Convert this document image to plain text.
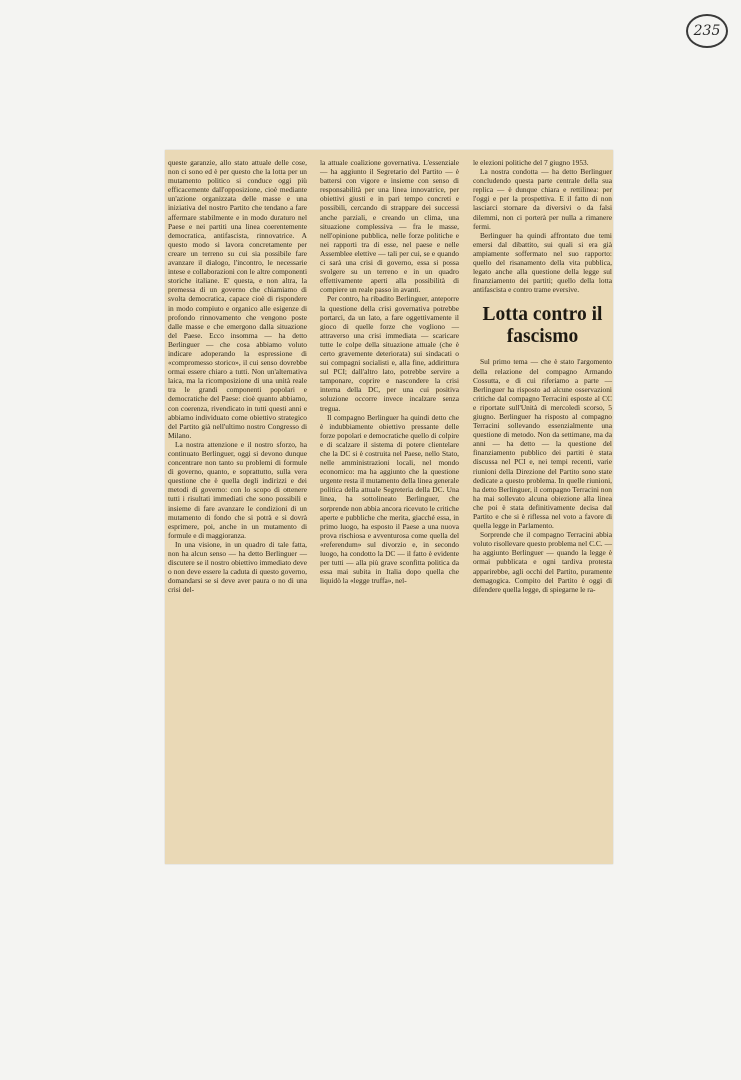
235

queste garanzie, allo stato attuale delle cose, non ci sono ed è per questo che la lotta per un mutamento politico si conduce oggi più efficacemente dall'opposizione, cioè mediante un'azione organizzata delle masse e una iniziativa del nostro Partito che tendano a fare affermare stabilmente e in modo duraturo nel Paese e nei partiti una linea coerentemente democratica, antifascista, rinnovatrice. A questo modo si lavora concretamente per creare un terreno su cui sia possibile fare avanzare il dialogo, l'incontro, le necessarie intese e collaborazioni con le altre componenti storiche italiane. E' questa, e non altra, la premessa di un governo che chiamiamo di svolta democratica, capace cioè di rispondere in modo compiuto e organico alle esigenze di profondo rinnovamento che vengono poste dalle masse e che emergono dalla situazione del Paese. Ecco insomma — ha detto Berlinguer — che cosa abbiamo voluto indicare adoperando la espressione di «compromesso storico», il cui senso dovrebbe ormai essere chiaro a tutti. Non un'alternativa laica, ma la ricomposizione di una unità reale tra le grandi componenti popolari e democratiche del Paese: cioè quanto abbiamo, con coerenza, rivendicato in tutti questi anni e abbiamo individuato come obiettivo strategico del Partito già nell'ultimo nostro Congresso di Milano.

La nostra attenzione e il nostro sforzo, ha continuato Berlinguer, oggi si devono dunque concentrare non tanto su problemi di formule di governo, quanto, e soprattutto, sulla vera questione che è quella degli indirizzi e dei metodi di governo: con lo scopo di ottenere tutti i risultati immediati che sono possibili e insieme di fare avanzare le condizioni di un mutamento di fondo che si potrà e si dovrà esprimere, poi, anche in un mutamento di formule e di maggioranza.

In una visione, in un quadro di tale fatta, non ha alcun senso — ha detto Berlinguer — discutere se il nostro obiettivo immediato deve o non deve essere la caduta di questo governo, domandarsi se si deve aver paura o no di una crisi del-

la attuale coalizione governativa. L'essenziale — ha aggiunto il Segretario del Partito — è battersi con vigore e insieme con senso di responsabilità per una linea innovatrice, per obiettivi giusti e in pari tempo concreti e possibili, cercando di strappare dei successi anche parziali, e creando un clima, una situazione complessiva — fra le masse, nell'opinione pubblica, nelle forze politiche e nei rapporti tra di esse, nel paese e nelle Assemblee elettive — tali per cui, se e quando ci sarà una crisi di governo, essa si possa svolgere su un terreno e in un quadro effettivamente aperti alla possibilità di compiere un reale passo in avanti.

Per contro, ha ribadito Berlinguer, anteporre la questione della crisi governativa potrebbe portarci, da un lato, a fare oggettivamente il gioco di quelle forze che vogliono — attraverso una crisi immediata — scaricare tutte le colpe della situazione attuale (che è certo gravemente deteriorata) sui sindacati o sui compagni socialisti e, alla fine, addirittura sul PCI; dall'altro lato, potrebbe servire a tamponare, coprire e nascondere la crisi interna della DC, per una cui positiva soluzione occorre invece incalzare senza tregua.

Il compagno Berlinguer ha quindi detto che è indubbiamente obiettivo pressante delle forze popolari e democratiche quello di colpire e di scalzare il sistema di potere clientelare che la DC si è costruita nel Paese, nello Stato, nelle amministrazioni locali, nel mondo economico: ma ha aggiunto che la questione urgente resta il mutamento della linea generale politica della attuale Segreteria della DC. Una linea, ha sottolineato Berlinguer, che sorprende non abbia ancora ricevuto le critiche aperte e pubbliche che merita, giacché essa, in primo luogo, ha esposto il Paese a una nuova prova rischiosa e avventurosa come quella del «referendum» sul divorzio e, in secondo luogo, ha condotto la DC — il fatto è evidente per tutti — alla più grave sconfitta politica da essa mai subita in Italia dopo quella che liquidò la «legge truffa», nel-

le elezioni politiche del 7 giugno 1953.

La nostra condotta — ha detto Berlinguer concludendo questa parte centrale della sua replica — è dunque chiara e rettilinea: per l'oggi e per la prospettiva. E il fatto di non lasciarci stornare da diversivi o da falsi dilemmi, non ci porterà per nulla a rimanere fermi.

Berlinguer ha quindi affrontato due temi emersi dal dibattito, sui quali si era già ampiamente soffermato nel suo rapporto: quello del risanamento della vita pubblica, legato anche alla questione della legge sul finanziamento dei partiti; quello della lotta antifascista e contro trame eversive.

Lotta contro il fascismo

Sul primo tema — che è stato l'argomento della relazione del compagno Armando Cossutta, e di cui riferiamo a parte — Berlinguer ha risposto ad alcune osservazioni critiche dal compagno Terracini esposte al CC e riportate sull'Unità di mercoledì scorso, 5 giugno. Berlinguer ha risposto al compagno Terracini sollevando essenzialmente una questione di metodo. Non da settimane, ma da anni — ha detto — la questione del finanziamento pubblico dei partiti è stata discussa nel PCI e, nei tempi recenti, varie riunioni della Direzione del Partito sono state dedicate a questo problema. In quelle riunioni, ha detto Berlinguer, il compagno Terracini non ha mai sollevato alcuna obiezione alla linea che poi è stata definitivamente decisa dal Partito e che si è riflessa nel voto a favore di quella legge in Parlamento.

Sorprende che il compagno Terracini abbia voluto risollevare questo problema nel C.C. — ha aggiunto Berlinguer — quando la legge è ormai pubblicata e ogni tardiva protesta apparirebbe, agli occhi del Partito, puramente demagogica. Compito del Partito è oggi di difendere quella legge, di spiegarne le ra-
